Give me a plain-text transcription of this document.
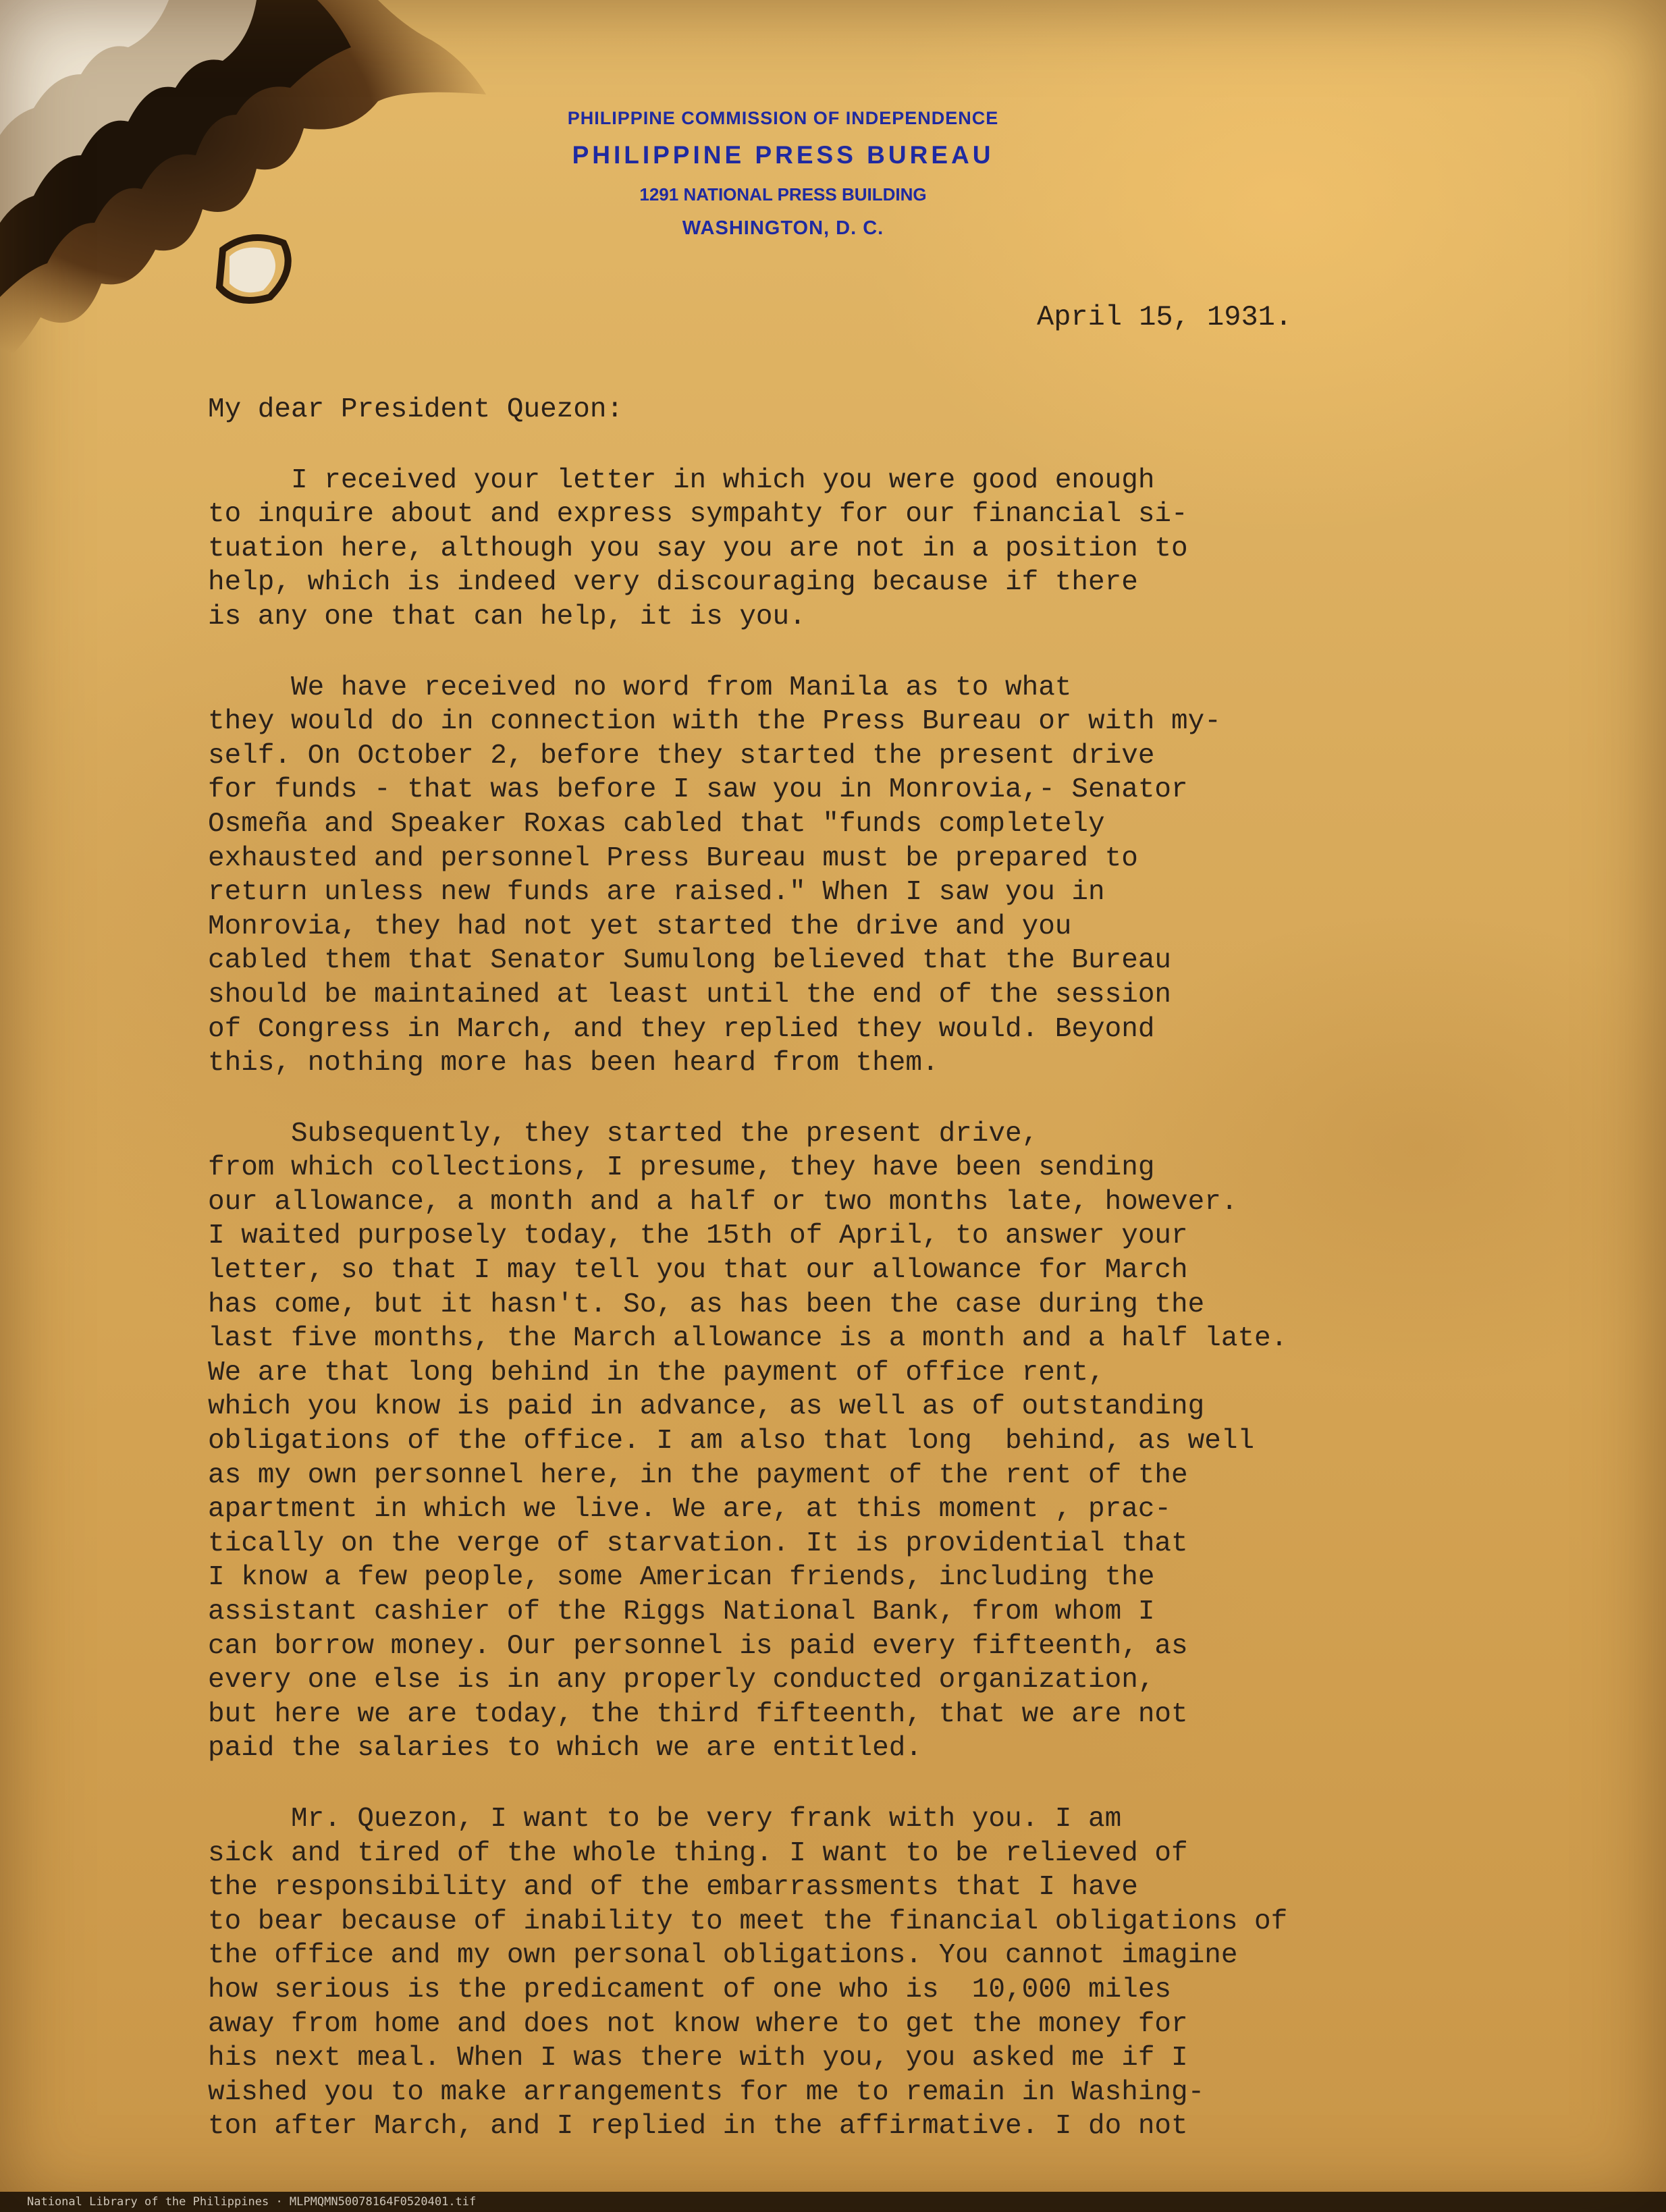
PHILIPPINE COMMISSION OF INDEPENDENCE
PHILIPPINE PRESS BUREAU
1291 NATIONAL PRESS BUILDING
WASHINGTON, D. C.
April 15, 1931.
My dear President Quezon:
I received your letter in which you were good enough
to inquire about and express sympahty for our financial si-
tuation here, although you say you are not in a position to
help, which is indeed very discouraging because if there
is any one that can help, it is you.
We have received no word from Manila as to what
they would do in connection with the Press Bureau or with my-
self. On October 2, before they started the present drive
for funds - that was before I saw you in Monrovia,- Senator
Osmeña and Speaker Roxas cabled that "funds completely
exhausted and personnel Press Bureau must be prepared to
return unless new funds are raised." When I saw you in
Monrovia, they had not yet started the drive and you
cabled them that Senator Sumulong believed that the Bureau
should be maintained at least until the end of the session
of Congress in March, and they replied they would. Beyond
this, nothing more has been heard from them.
Subsequently, they started the present drive,
from which collections, I presume, they have been sending
our allowance, a month and a half or two months late, however.
I waited purposely today, the 15th of April, to answer your
letter, so that I may tell you that our allowance for March
has come, but it hasn't. So, as has been the case during the
last five months, the March allowance is a month and a half late.
We are that long behind in the payment of office rent,
which you know is paid in advance, as well as of outstanding
obligations of the office. I am also that long  behind, as well
as my own personnel here, in the payment of the rent of the
apartment in which we live. We are, at this moment , prac-
tically on the verge of starvation. It is providential that
I know a few people, some American friends, including the
assistant cashier of the Riggs National Bank, from whom I
can borrow money. Our personnel is paid every fifteenth, as
every one else is in any properly conducted organization,
but here we are today, the third fifteenth, that we are not
paid the salaries to which we are entitled.
Mr. Quezon, I want to be very frank with you. I am
sick and tired of the whole thing. I want to be relieved of
the responsibility and of the embarrassments that I have
to bear because of inability to meet the financial obligations of
the office and my own personal obligations. You cannot imagine
how serious is the predicament of one who is  10,000 miles
away from home and does not know where to get the money for
his next meal. When I was there with you, you asked me if I
wished you to make arrangements for me to remain in Washing-
ton after March, and I replied in the affirmative. I do not
National Library of the Philippines · MLPMQMN50078164F0520401.tif
